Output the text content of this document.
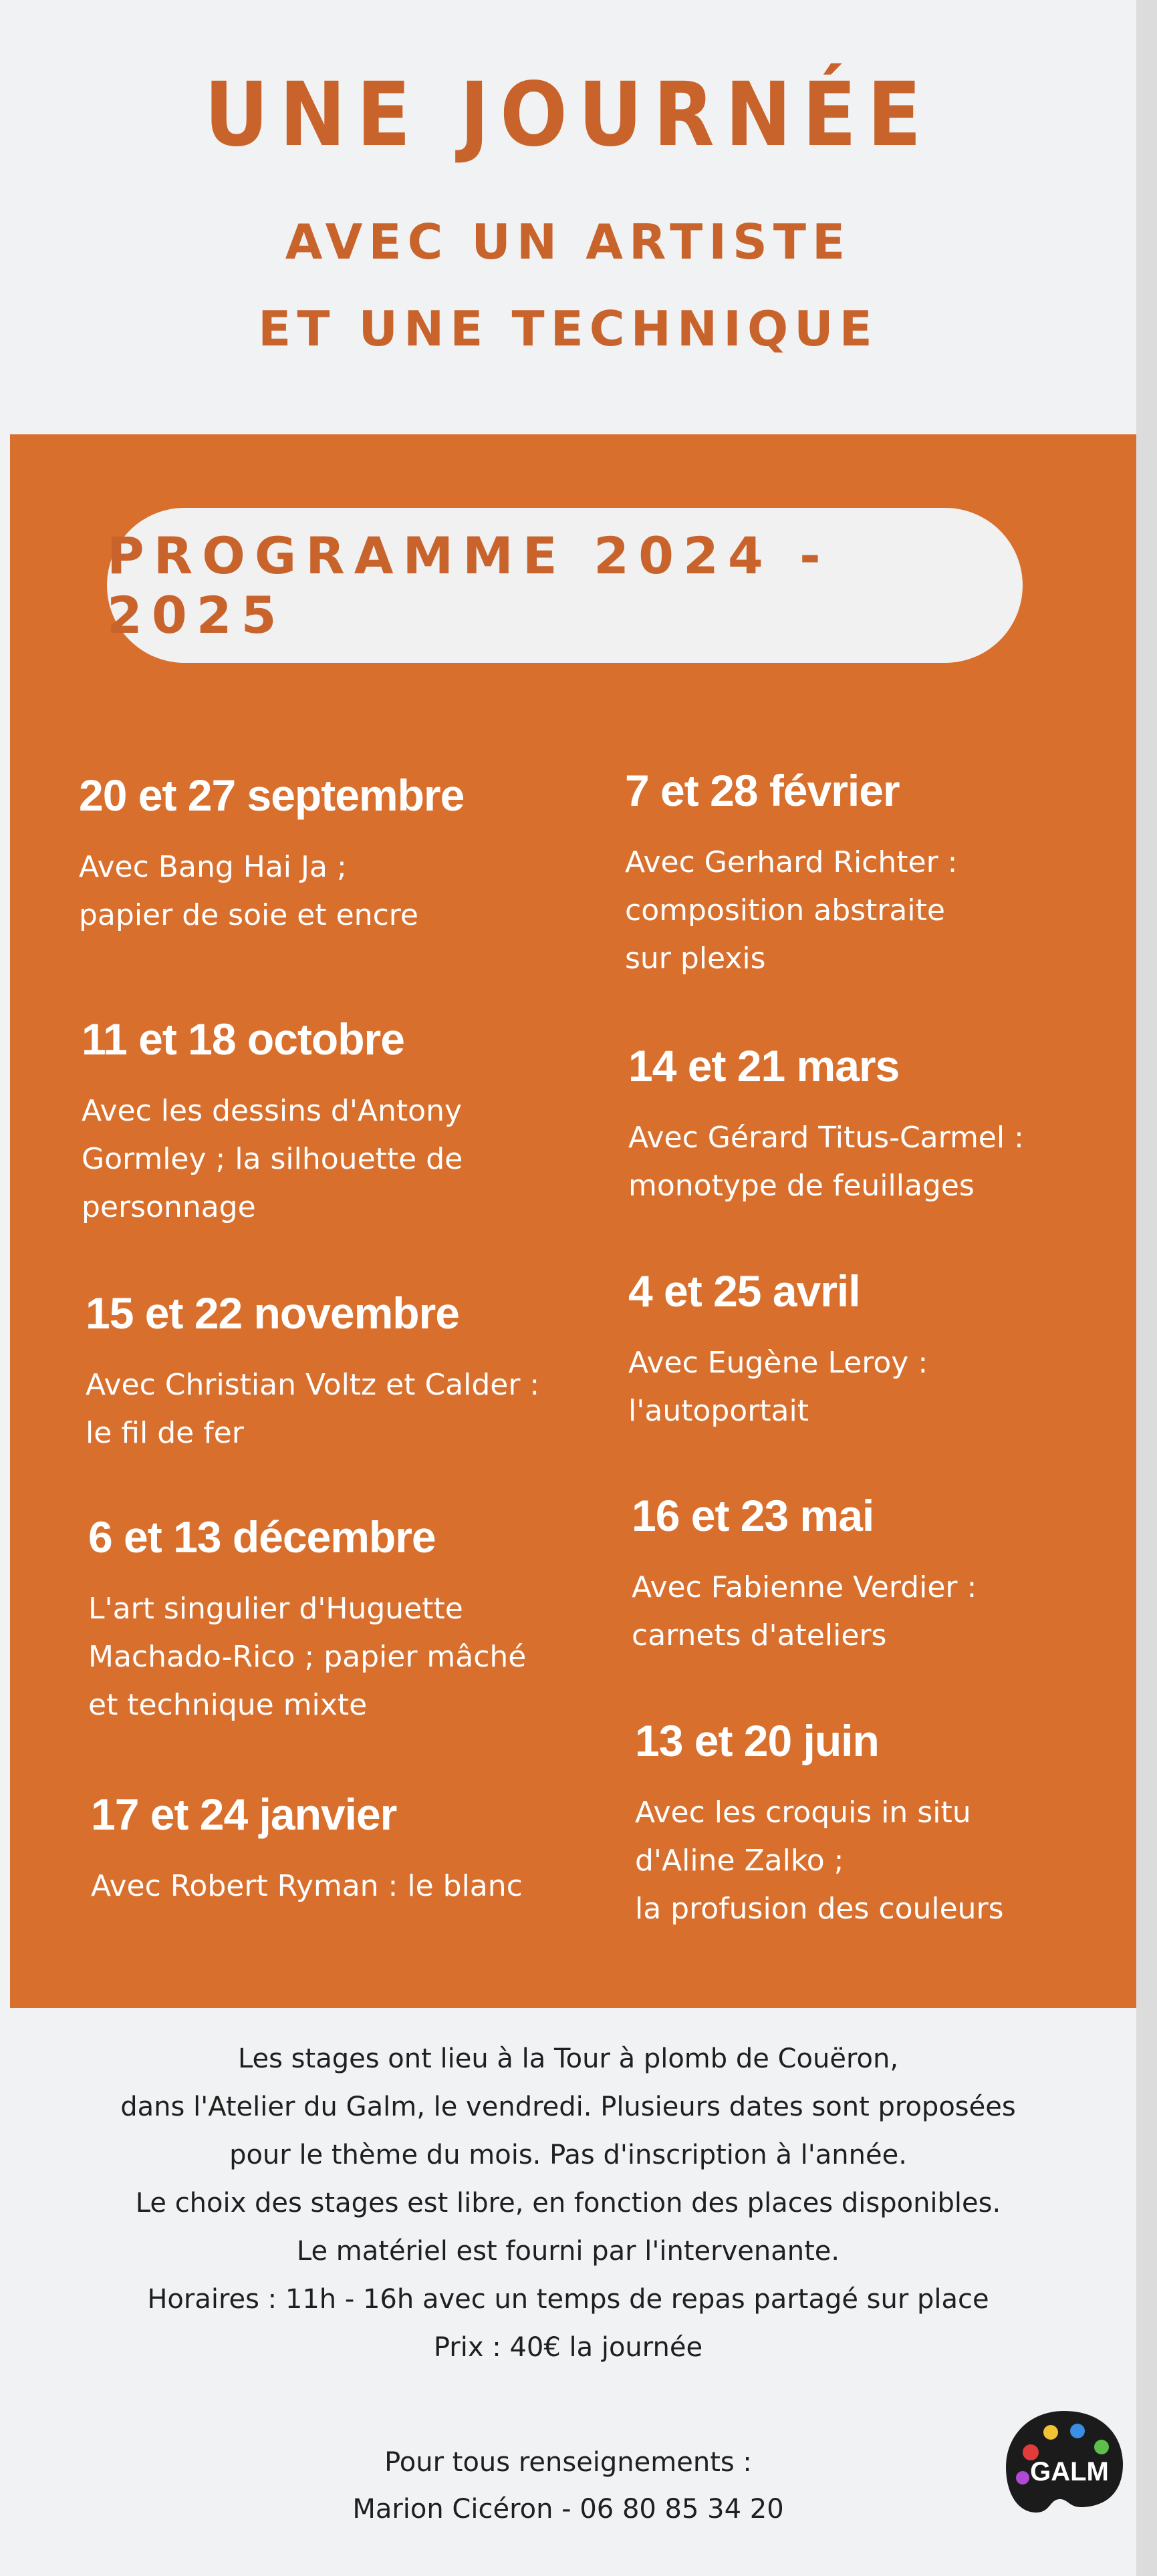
UNE JOURNÉE
AVEC UN ARTISTE
ET UNE TECHNIQUE
PROGRAMME 2024 - 2025
20 et 27 septembre
Avec Bang Hai Ja ;
papier de soie et encre
11 et 18 octobre
Avec les dessins d'Antony
Gormley ; la silhouette de
personnage
15 et 22 novembre
Avec Christian Voltz et Calder :
le fil de fer
6 et 13 décembre
L'art singulier d'Huguette
Machado-Rico ; papier mâché
et technique mixte
17 et 24 janvier
Avec Robert Ryman : le blanc
7 et 28 février
Avec Gerhard Richter :
composition abstraite
sur plexis
14 et 21 mars
Avec Gérard Titus-Carmel :
monotype de feuillages
4 et 25 avril
Avec Eugène Leroy :
l'autoportait
16 et 23 mai
Avec Fabienne Verdier :
carnets d'ateliers
13 et 20 juin
Avec les croquis in situ
d'Aline Zalko ;
la profusion des couleurs
Les stages ont lieu à la Tour à plomb de Couëron,
dans l'Atelier du Galm, le vendredi. Plusieurs dates sont proposées
pour le thème du mois. Pas d'inscription à l'année.
Le choix des stages est libre, en fonction des places disponibles.
Le matériel est fourni par l'intervenante.
Horaires : 11h - 16h avec un temps de repas partagé sur place
Prix : 40€ la journée
Pour tous renseignements :
Marion Cicéron - 06 80 85 34 20
GALM
